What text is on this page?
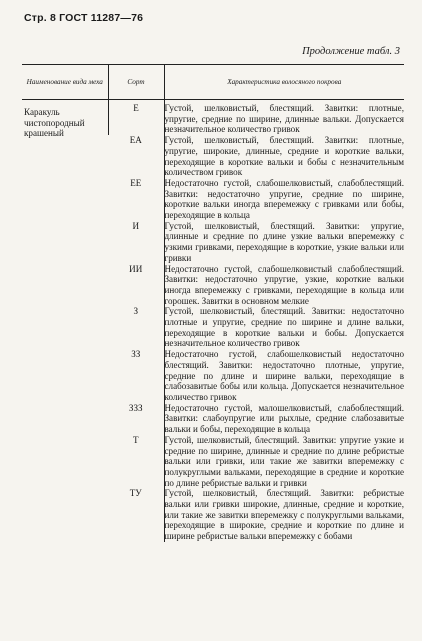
Стр. 8 ГОСТ 11287—76
Продолжение табл. 3
Наименование вида меха	Сорт	Характеристика волосяного покрова

Каракуль чистопородный крашеный	Е	Густой, шелковистый, блестящий. Завитки: плотные, упругие, средние по ширине, длинные вальки. Допускается незначительное количество гривок
	ЕА	Густой, шелковистый, блестящий. Завитки: плотные, упругие, широкие, длинные, средние и короткие вальки, переходящие в короткие вальки и бобы с незначительным количеством гривок
	ЕЕ	Недостаточно густой, слабошелковистый, слабоблестящий. Завитки: недостаточно упругие, средние по ширине, короткие вальки иногда вперемежку с гривками или бобы, переходящие в кольца
	И	Густой, шелковистый, блестящий. Завитки: упругие, длинные и средние по длине узкие вальки вперемежку с узкими гривками, переходящие в короткие, узкие вальки или гривки
	ИИ	Недостаточно густой, слабошелковистый слабоблестящий. Завитки: недостаточно упругие, узкие, короткие вальки иногда вперемежку с гривками, переходящие в кольца или горошек. Завитки в основном мелкие
	З	Густой, шелковистый, блестящий. Завитки: недостаточно плотные и упругие, средние по ширине и длине вальки, переходящие в короткие вальки и бобы. Допускается незначительное количество гривок
	ЗЗ	Недостаточно густой, слабошелковистый недостаточно блестящий. Завитки: недостаточно плотные, упругие, средние по длине и ширине вальки, переходящие в слабозавитые бобы или кольца. Допускается незначительное количество гривок
	ЗЗЗ	Недостаточно густой, малошелковистый, слабоблестящий. Завитки: слабоупругие или рыхлые, средние слабозавитые вальки и бобы, переходящие в кольца
	Т	Густой, шелковистый, блестящий. Завитки: упругие узкие и средние по ширине, длинные и средние по длине ребристые вальки или гривки, или такие же завитки вперемежку с полукруглыми вальками, переходящие в средние и короткие по длине ребристые вальки и гривки
	ТУ	Густой, шелковистый, блестящий. Завитки: ребристые вальки или гривки широкие, длинные, средние и короткие, или такие же завитки вперемежку с полукруглыми вальками, переходящие в широкие, средние и короткие по длине и ширине ребристые вальки вперемежку с бобами
